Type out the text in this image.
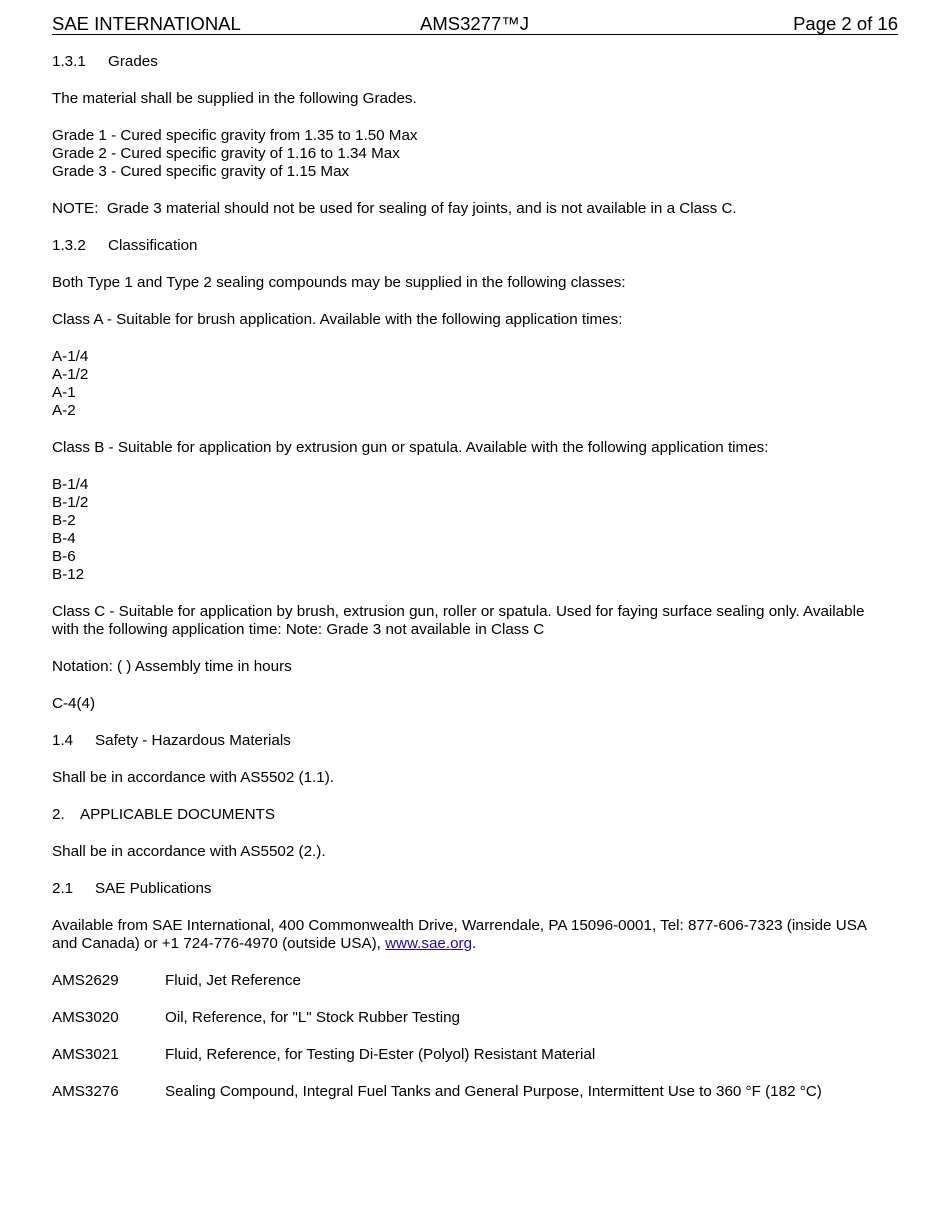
SAE INTERNATIONAL	AMS3277™J	Page 2 of 16

1.3.1 Grades

The material shall be supplied in the following Grades.

Grade 1 - Cured specific gravity from 1.35 to 1.50 Max

Grade 2 - Cured specific gravity of 1.16 to 1.34 Max

Grade 3 - Cured specific gravity of 1.15 Max

NOTE:  Grade 3 material should not be used for sealing of fay joints, and is not available in a Class C.

1.3.2 Classification

Both Type 1 and Type 2 sealing compounds may be supplied in the following classes:

Class A - Suitable for brush application. Available with the following application times:

A-1/4

A-1/2

A-1

A-2

Class B - Suitable for application by extrusion gun or spatula. Available with the following application times:

B-1/4

B-1/2

B-2

B-4

B-6

B-12

Class C - Suitable for application by brush, extrusion gun, roller or spatula. Used for faying surface sealing only. Available

with the following application time: Note: Grade 3 not available in Class C

Notation: ( ) Assembly time in hours

C-4(4)

1.4 Safety - Hazardous Materials

Shall be in accordance with AS5502 (1.1).

2. APPLICABLE DOCUMENTS

Shall be in accordance with AS5502 (2.).

2.1 SAE Publications

Available from SAE International, 400 Commonwealth Drive, Warrendale, PA 15096-0001, Tel: 877-606-7323 (inside USA

and Canada) or +1 724-776-4970 (outside USA), www.sae.org.

AMS2629	Fluid, Jet Reference
AMS3020	Oil, Reference, for "L" Stock Rubber Testing
AMS3021	Fluid, Reference, for Testing Di-Ester (Polyol) Resistant Material
AMS3276	Sealing Compound, Integral Fuel Tanks and General Purpose, Intermittent Use to 360 °F (182 °C)
